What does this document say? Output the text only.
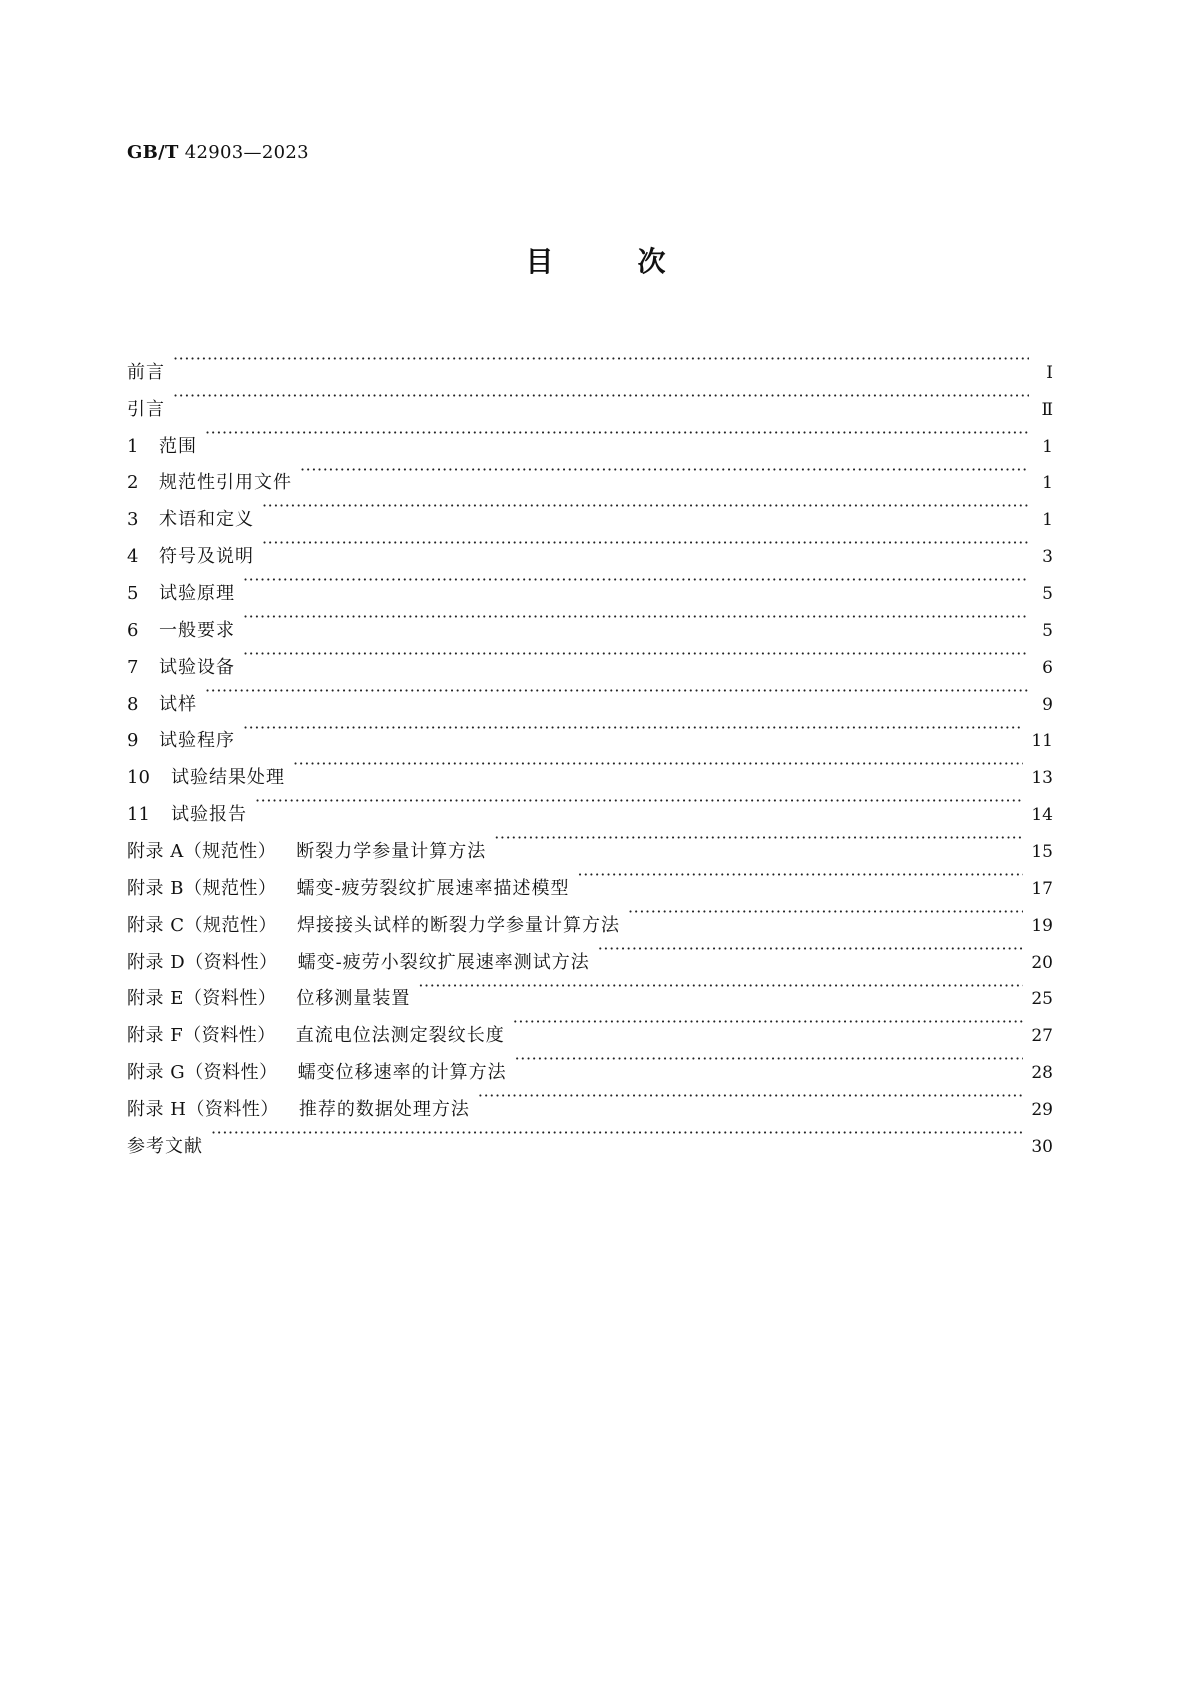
GB/T 42903—2023
目	次
前言 ·····	Ⅰ
引言 ·····	Ⅱ
1	范围 ·····	1
2	规范性引用文件 ·····	1
3	术语和定义 ·····	1
4	符号及说明 ·····	3
5	试验原理 ·····	5
6	一般要求 ·····	5
7	试验设备 ·····	6
8	试样 ·····	9
9	试验程序 ·····	11
10	试验结果处理 ·····	13
11	试验报告 ·····	14
附录 A（规范性） 断裂力学参量计算方法 ·····	15
附录 B（规范性） 蠕变-疲劳裂纹扩展速率描述模型 ·····	17
附录 C（规范性） 焊接接头试样的断裂力学参量计算方法 ·····	19
附录 D（资料性） 蠕变-疲劳小裂纹扩展速率测试方法 ·····	20
附录 E（资料性） 位移测量装置 ·····	25
附录 F（资料性） 直流电位法测定裂纹长度 ·····	27
附录 G（资料性） 蠕变位移速率的计算方法 ·····	28
附录 H（资料性） 推荐的数据处理方法 ·····	29
参考文献 ·····	30
